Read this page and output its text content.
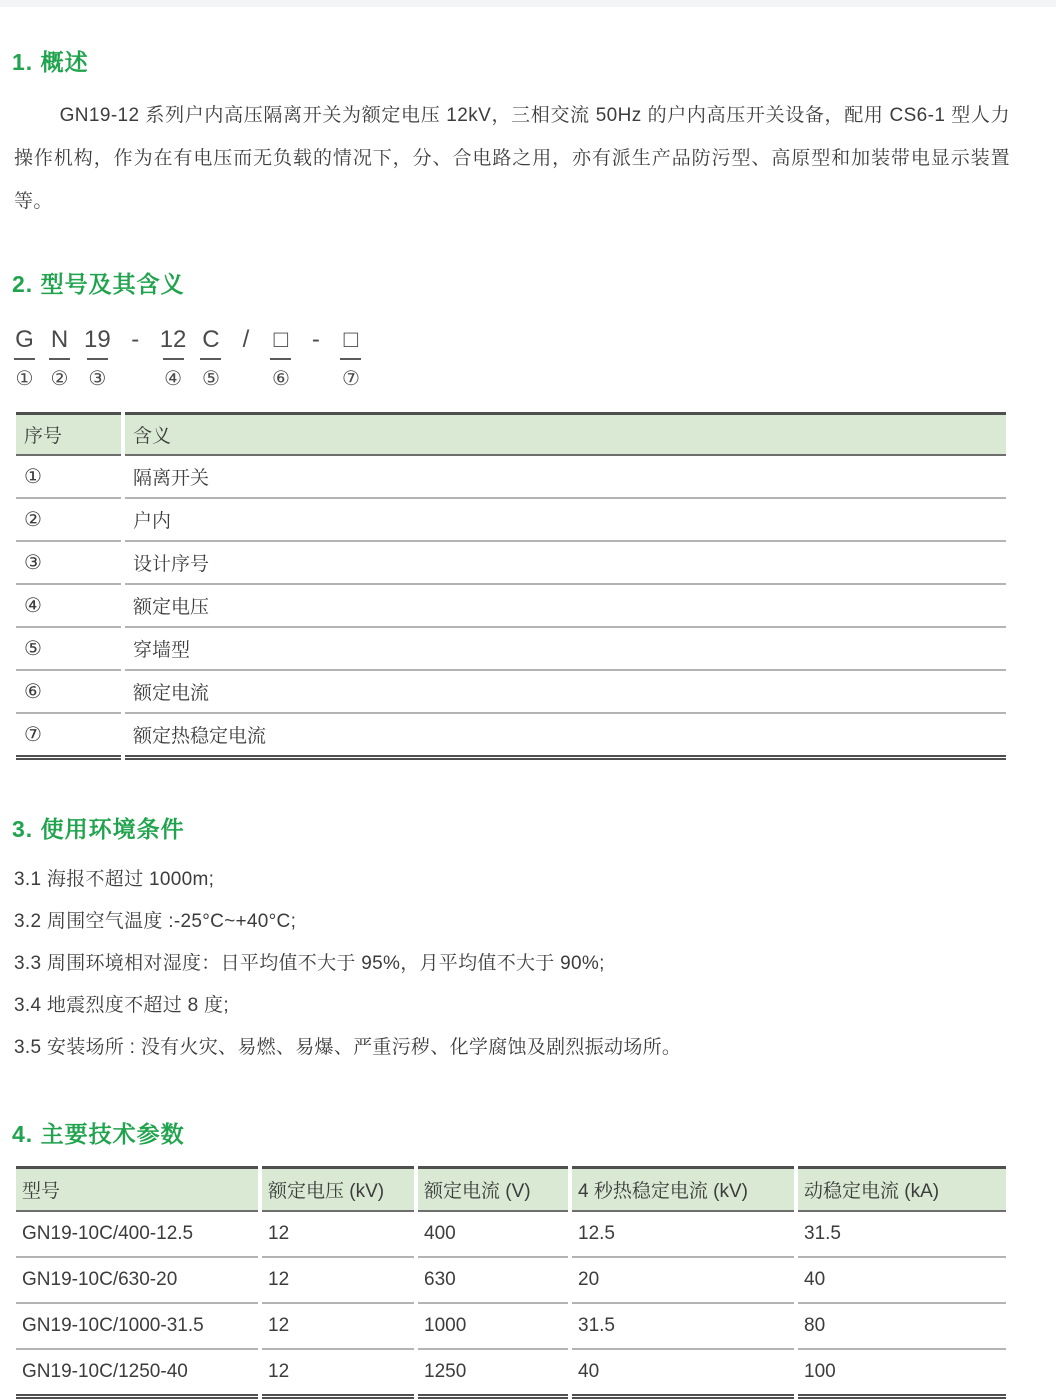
1. 概述

GN19-12 系列户内高压隔离开关为额定电压 12kV，三相交流 50Hz 的户内高压开关设备，配用 CS6-1 型人力操作机构，作为在有电压而无负载的情况下，分、合电路之用，亦有派生产品防污型、高原型和加装带电显示装置等。

2. 型号及其含义
G
①
N
②
19
③
-
12
④
C
⑤
/
□
⑥
-
□
⑦
序号	含义
①	隔离开关
②	户内
③	设计序号
④	额定电压
⑤	穿墙型
⑥	额定电流
⑦	额定热稳定电流
3. 使用环境条件
3.1 海报不超过 1000m;
3.2 周围空气温度 :-25°C~+40°C;
3.3 周围环境相对湿度：日平均值不大于 95%，月平均值不大于 90%;
3.4 地震烈度不超过 8 度;
3.5 安装场所 : 没有火灾、易燃、易爆、严重污秽、化学腐蚀及剧烈振动场所。
4. 主要技术参数
型号	额定电压 (kV)	额定电流 (V)	4 秒热稳定电流 (kV)	动稳定电流 (kA)
GN19-10C/400-12.5	12	400	12.5	31.5
GN19-10C/630-20	12	630	20	40
GN19-10C/1000-31.5	12	1000	31.5	80
GN19-10C/1250-40	12	1250	40	100
